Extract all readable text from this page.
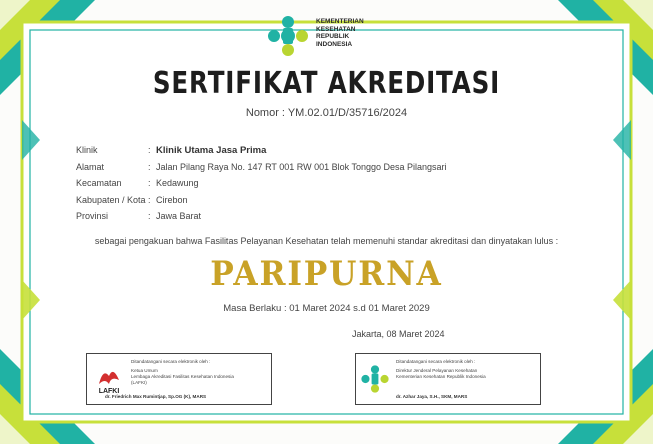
KEMENTERIAN
KESEHATAN
REPUBLIK
INDONESIA
SERTIFIKAT AKREDITASI
Nomor : YM.02.01/D/35716/2024
Klinik	: Klinik Utama Jasa Prima
Alamat	: Jalan Pilang Raya No. 147 RT 001 RW 001 Blok Tonggo Desa Pilangsari
Kecamatan	: Kedawung
Kabupaten / Kota : Cirebon
Provinsi	: Jawa Barat
sebagai pengakuan bahwa Fasilitas Pelayanan Kesehatan telah memenuhi standar akreditasi dan dinyatakan lulus :
PARIPURNA
Masa Berlaku : 01 Maret 2024 s.d 01 Maret 2029
Jakarta, 08 Maret 2024
LAFKI
Ditandatangani secara elektronik oleh :
Ketua Umum
Lembaga Akreditasi Fasilitas Kesehatan Indonesia
(LAFKI)
dr. Friedrich Max Rumintjap, Sp.OG (K), MARS
Ditandatangani secara elektronik oleh :
Direktur Jenderal Pelayanan Kesehatan
Kementerian Kesehatan Republik Indonesia
dr. Azhar Jaya, S.H., SKM, MARS
